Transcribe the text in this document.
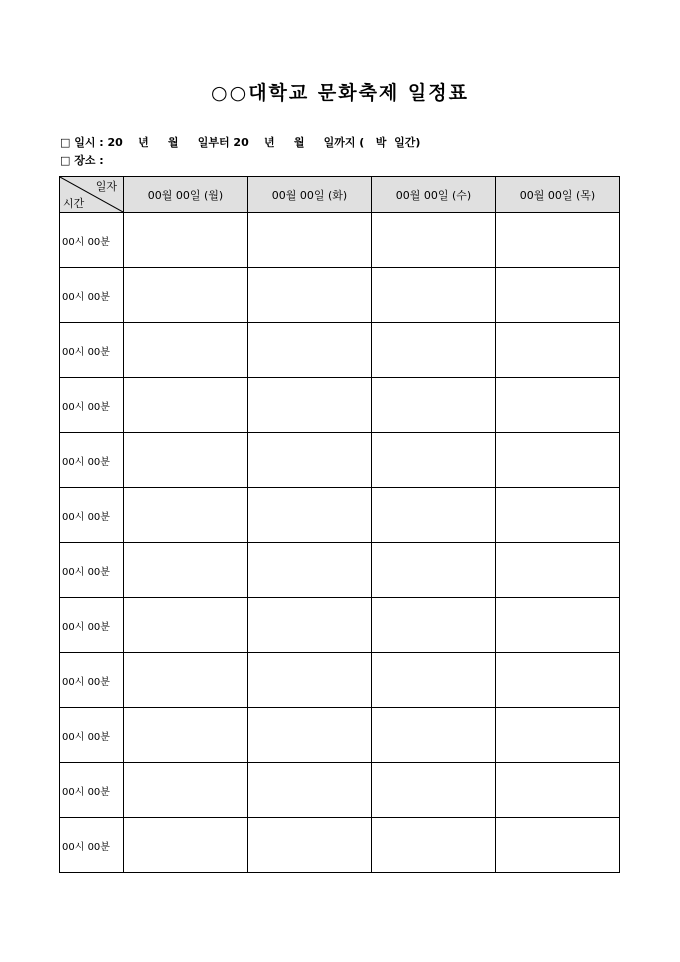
○○대학교 문화축제 일정표
□ 일시 : 20    년     월     일부터 20    년     월     일까지 (   박  일간)
□ 장소 :
일자
시간	00월 00일 (월)	00월 00일 (화)	00월 00일 (수)	00월 00일 (목)
00시 00분				
00시 00분				
00시 00분				
00시 00분				
00시 00분				
00시 00분				
00시 00분				
00시 00분				
00시 00분				
00시 00분				
00시 00분				
00시 00분				
